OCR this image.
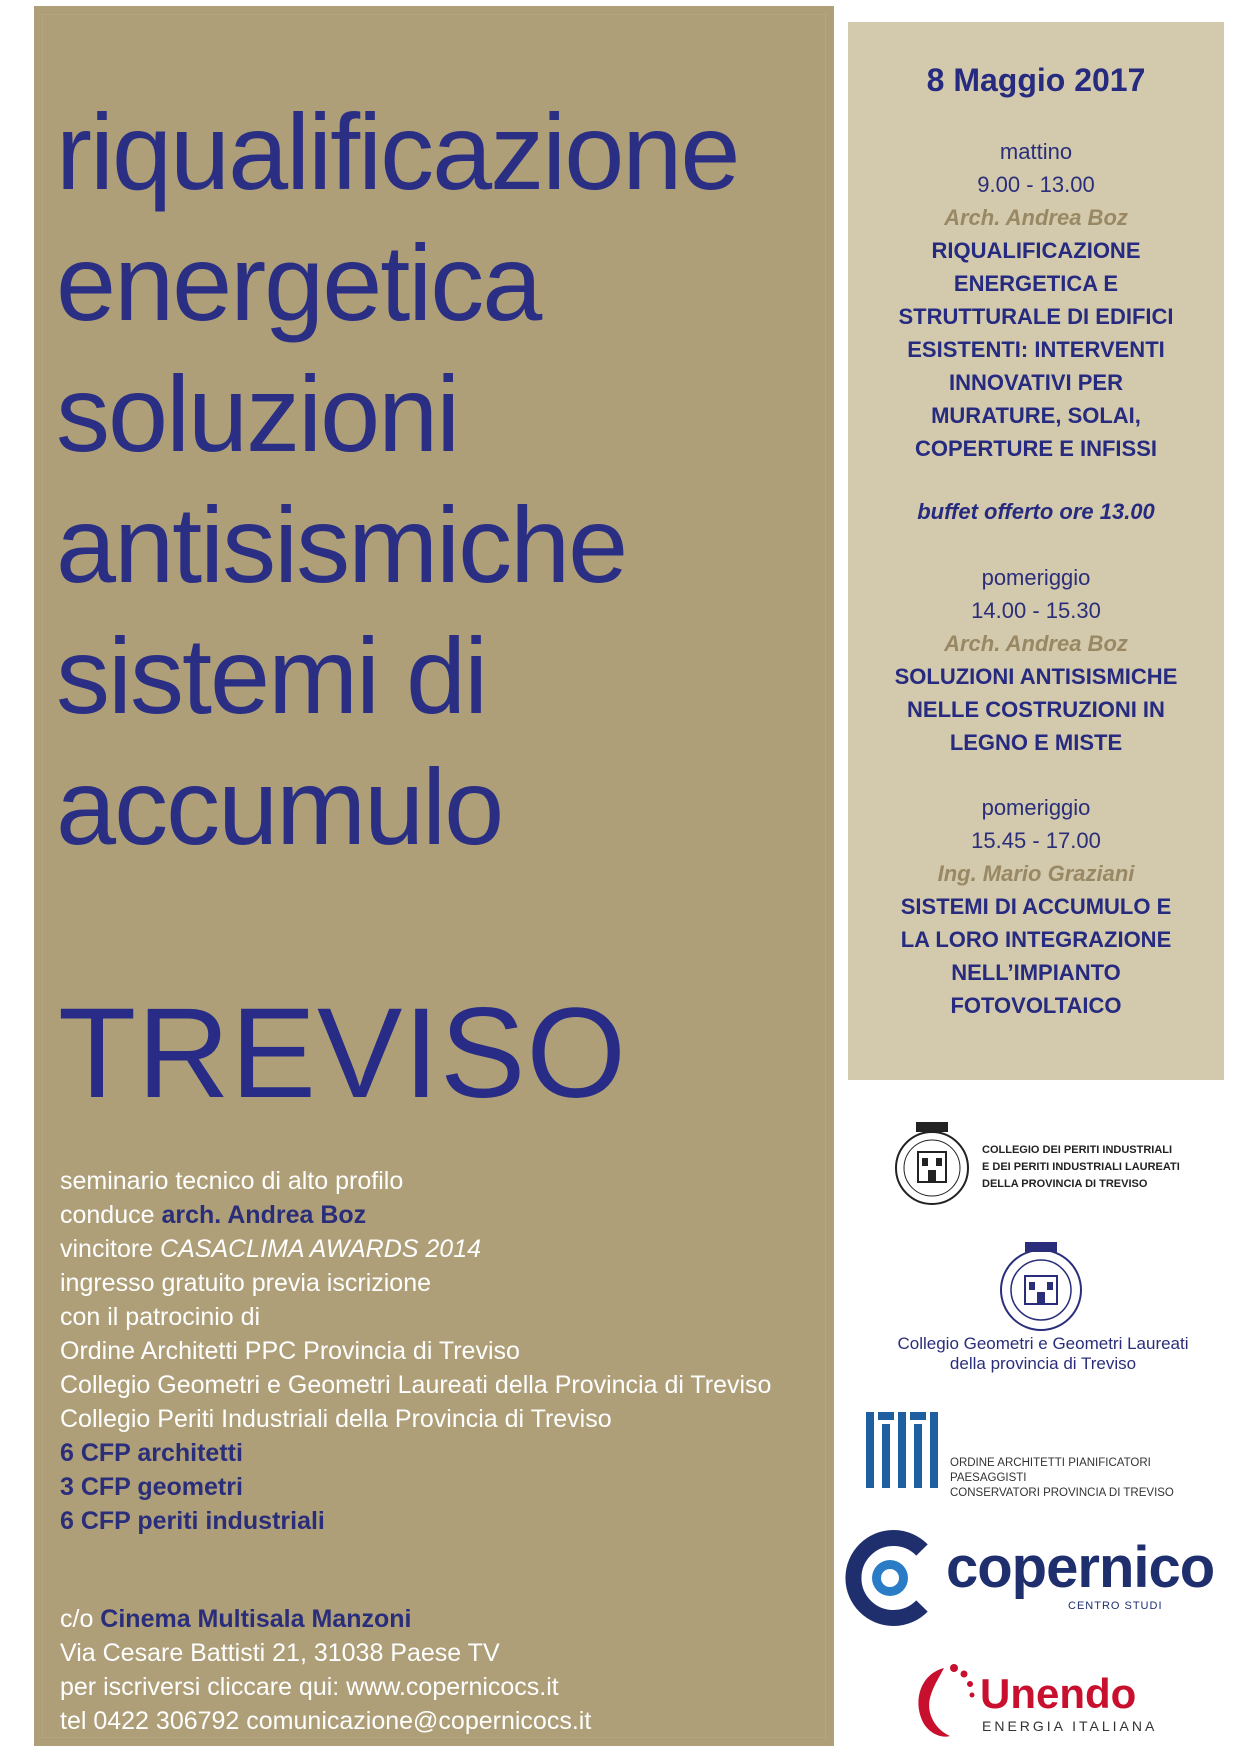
riqualificazione
energetica
soluzioni
antisismiche
sistemi di
accumulo
TREVISO
seminario tecnico di alto profilo
conduce arch. Andrea Boz
vincitore CASACLIMA AWARDS 2014
ingresso gratuito previa iscrizione
con il patrocinio di
Ordine Architetti PPC Provincia di Treviso
Collegio Geometri e Geometri Laureati della Provincia di Treviso
Collegio Periti Industriali della Provincia di Treviso
6 CFP architetti
3 CFP geometri
6 CFP periti industriali
c/o Cinema Multisala Manzoni
Via Cesare Battisti 21, 31038 Paese TV
per iscriversi cliccare qui: www.copernicocs.it
tel 0422 306792 comunicazione@copernicocs.it
8 Maggio 2017
mattino
9.00 - 13.00
Arch. Andrea Boz
RIQUALIFICAZIONE
ENERGETICA E
STRUTTURALE DI EDIFICI
ESISTENTI: INTERVENTI
INNOVATIVI PER
MURATURE, SOLAI,
COPERTURE E INFISSI
buffet offerto ore 13.00
pomeriggio
14.00 - 15.30
Arch. Andrea Boz
SOLUZIONI ANTISISMICHE
NELLE COSTRUZIONI IN
LEGNO E MISTE
pomeriggio
15.45 - 17.00
Ing. Mario Graziani
SISTEMI DI ACCUMULO E
LA LORO INTEGRAZIONE
NELL’IMPIANTO
FOTOVOLTAICO
COLLEGIO DEI PERITI INDUSTRIALI
E DEI PERITI INDUSTRIALI LAUREATI
DELLA PROVINCIA DI TREVISO
Collegio Geometri e Geometri Laureati
della provincia di Treviso
ORDINE ARCHITETTI PIANIFICATORI PAESAGGISTI
CONSERVATORI PROVINCIA DI TREVISO
copernico
CENTRO STUDI
Unendo
ENERGIA ITALIANA
